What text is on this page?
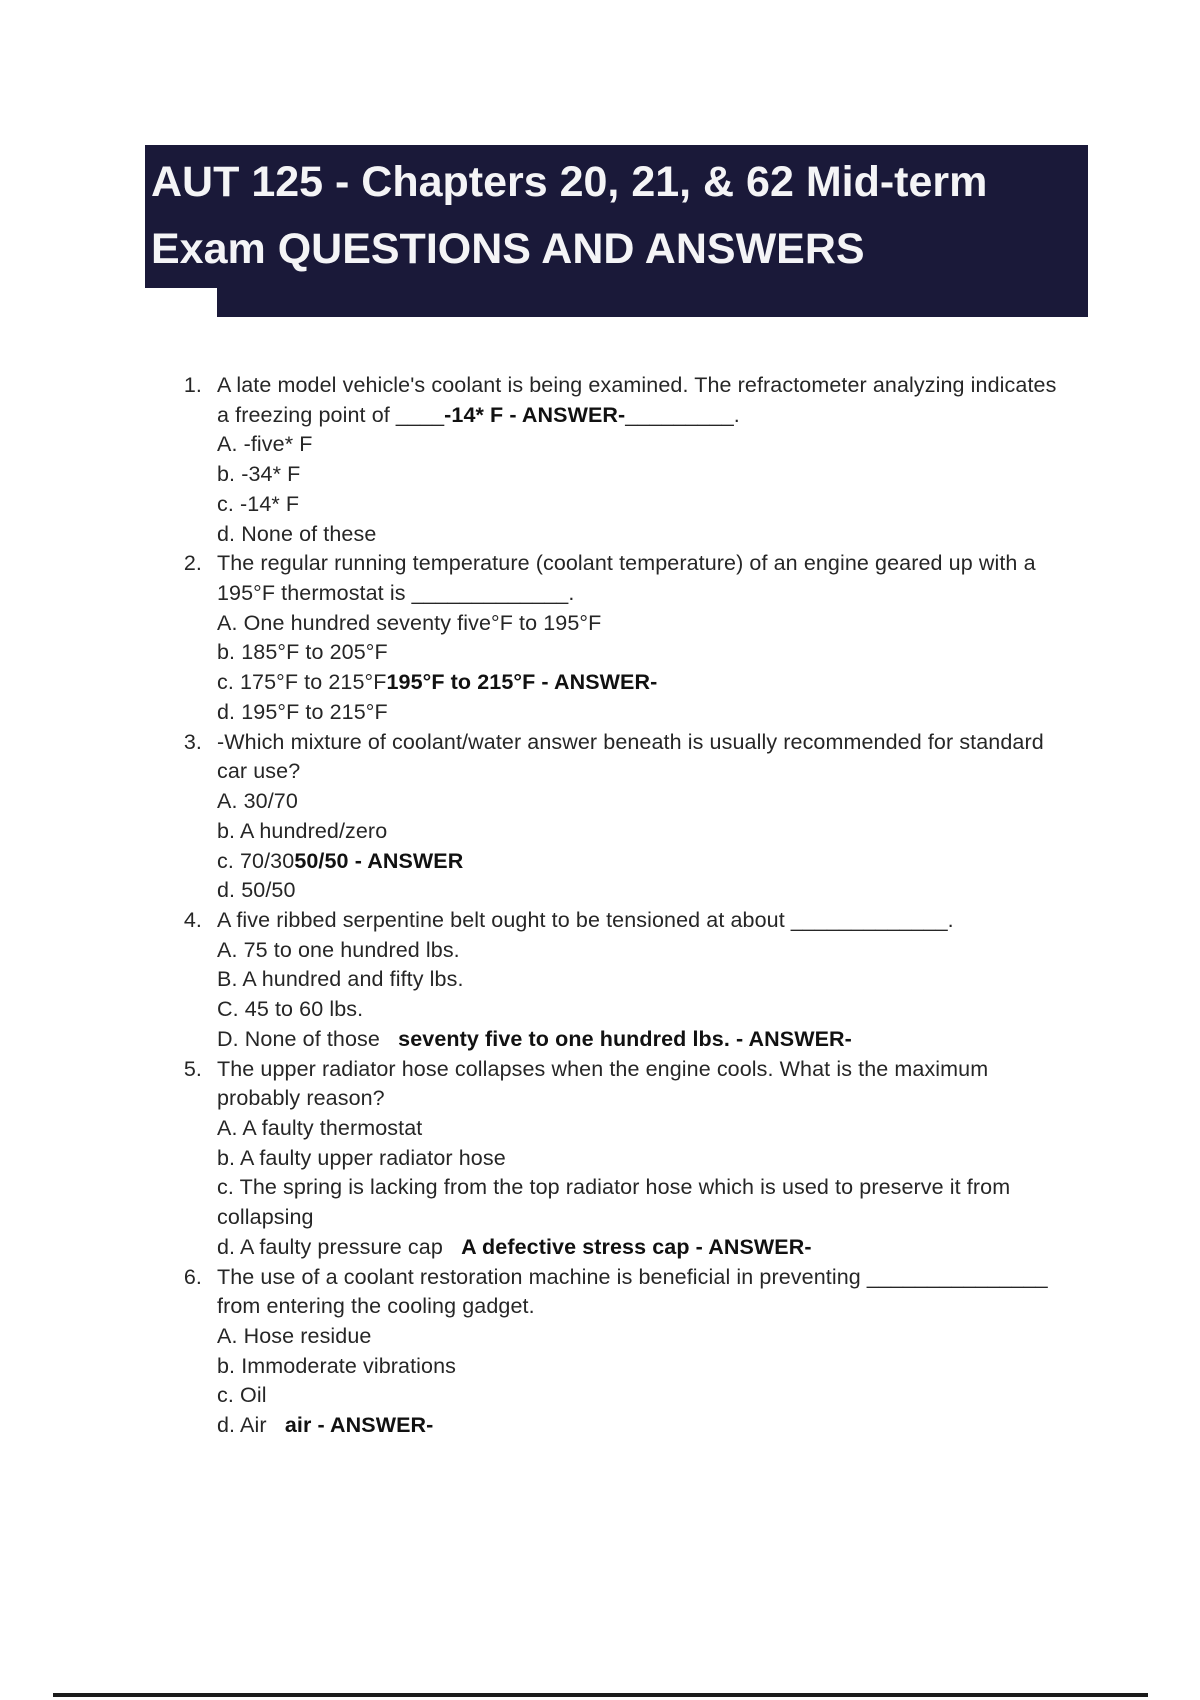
AUT 125 - Chapters 20, 21, & 62 Mid-term
Exam QUESTIONS AND ANSWERS
1. A late model vehicle's coolant is being examined. The refractometer analyzing indicates
a freezing point of ____-14* F - ANSWER-_________.
A. -five* F
b. -34* F
c. -14* F
d. None of these
2. The regular running temperature (coolant temperature) of an engine geared up with a
195°F thermostat is _____________.
A. One hundred seventy five°F to 195°F
b. 185°F to 205°F
c. 175°F to 215°F195°F to 215°F - ANSWER-
d. 195°F to 215°F
3. -Which mixture of coolant/water answer beneath is usually recommended for standard
car use?
A. 30/70
b. A hundred/zero
c. 70/3050/50 - ANSWER
d. 50/50
4. A five ribbed serpentine belt ought to be tensioned at about _____________.
A. 75 to one hundred lbs.
B. A hundred and fifty lbs.
C. 45 to 60 lbs.
D. None of those   seventy five to one hundred lbs. - ANSWER-
5. The upper radiator hose collapses when the engine cools. What is the maximum
probably reason?
A. A faulty thermostat
b. A faulty upper radiator hose
c. The spring is lacking from the top radiator hose which is used to preserve it from
collapsing
d. A faulty pressure cap   A defective stress cap - ANSWER-
6. The use of a coolant restoration machine is beneficial in preventing _______________
from entering the cooling gadget.
A. Hose residue
b. Immoderate vibrations
c. Oil
d. Air   air - ANSWER-
